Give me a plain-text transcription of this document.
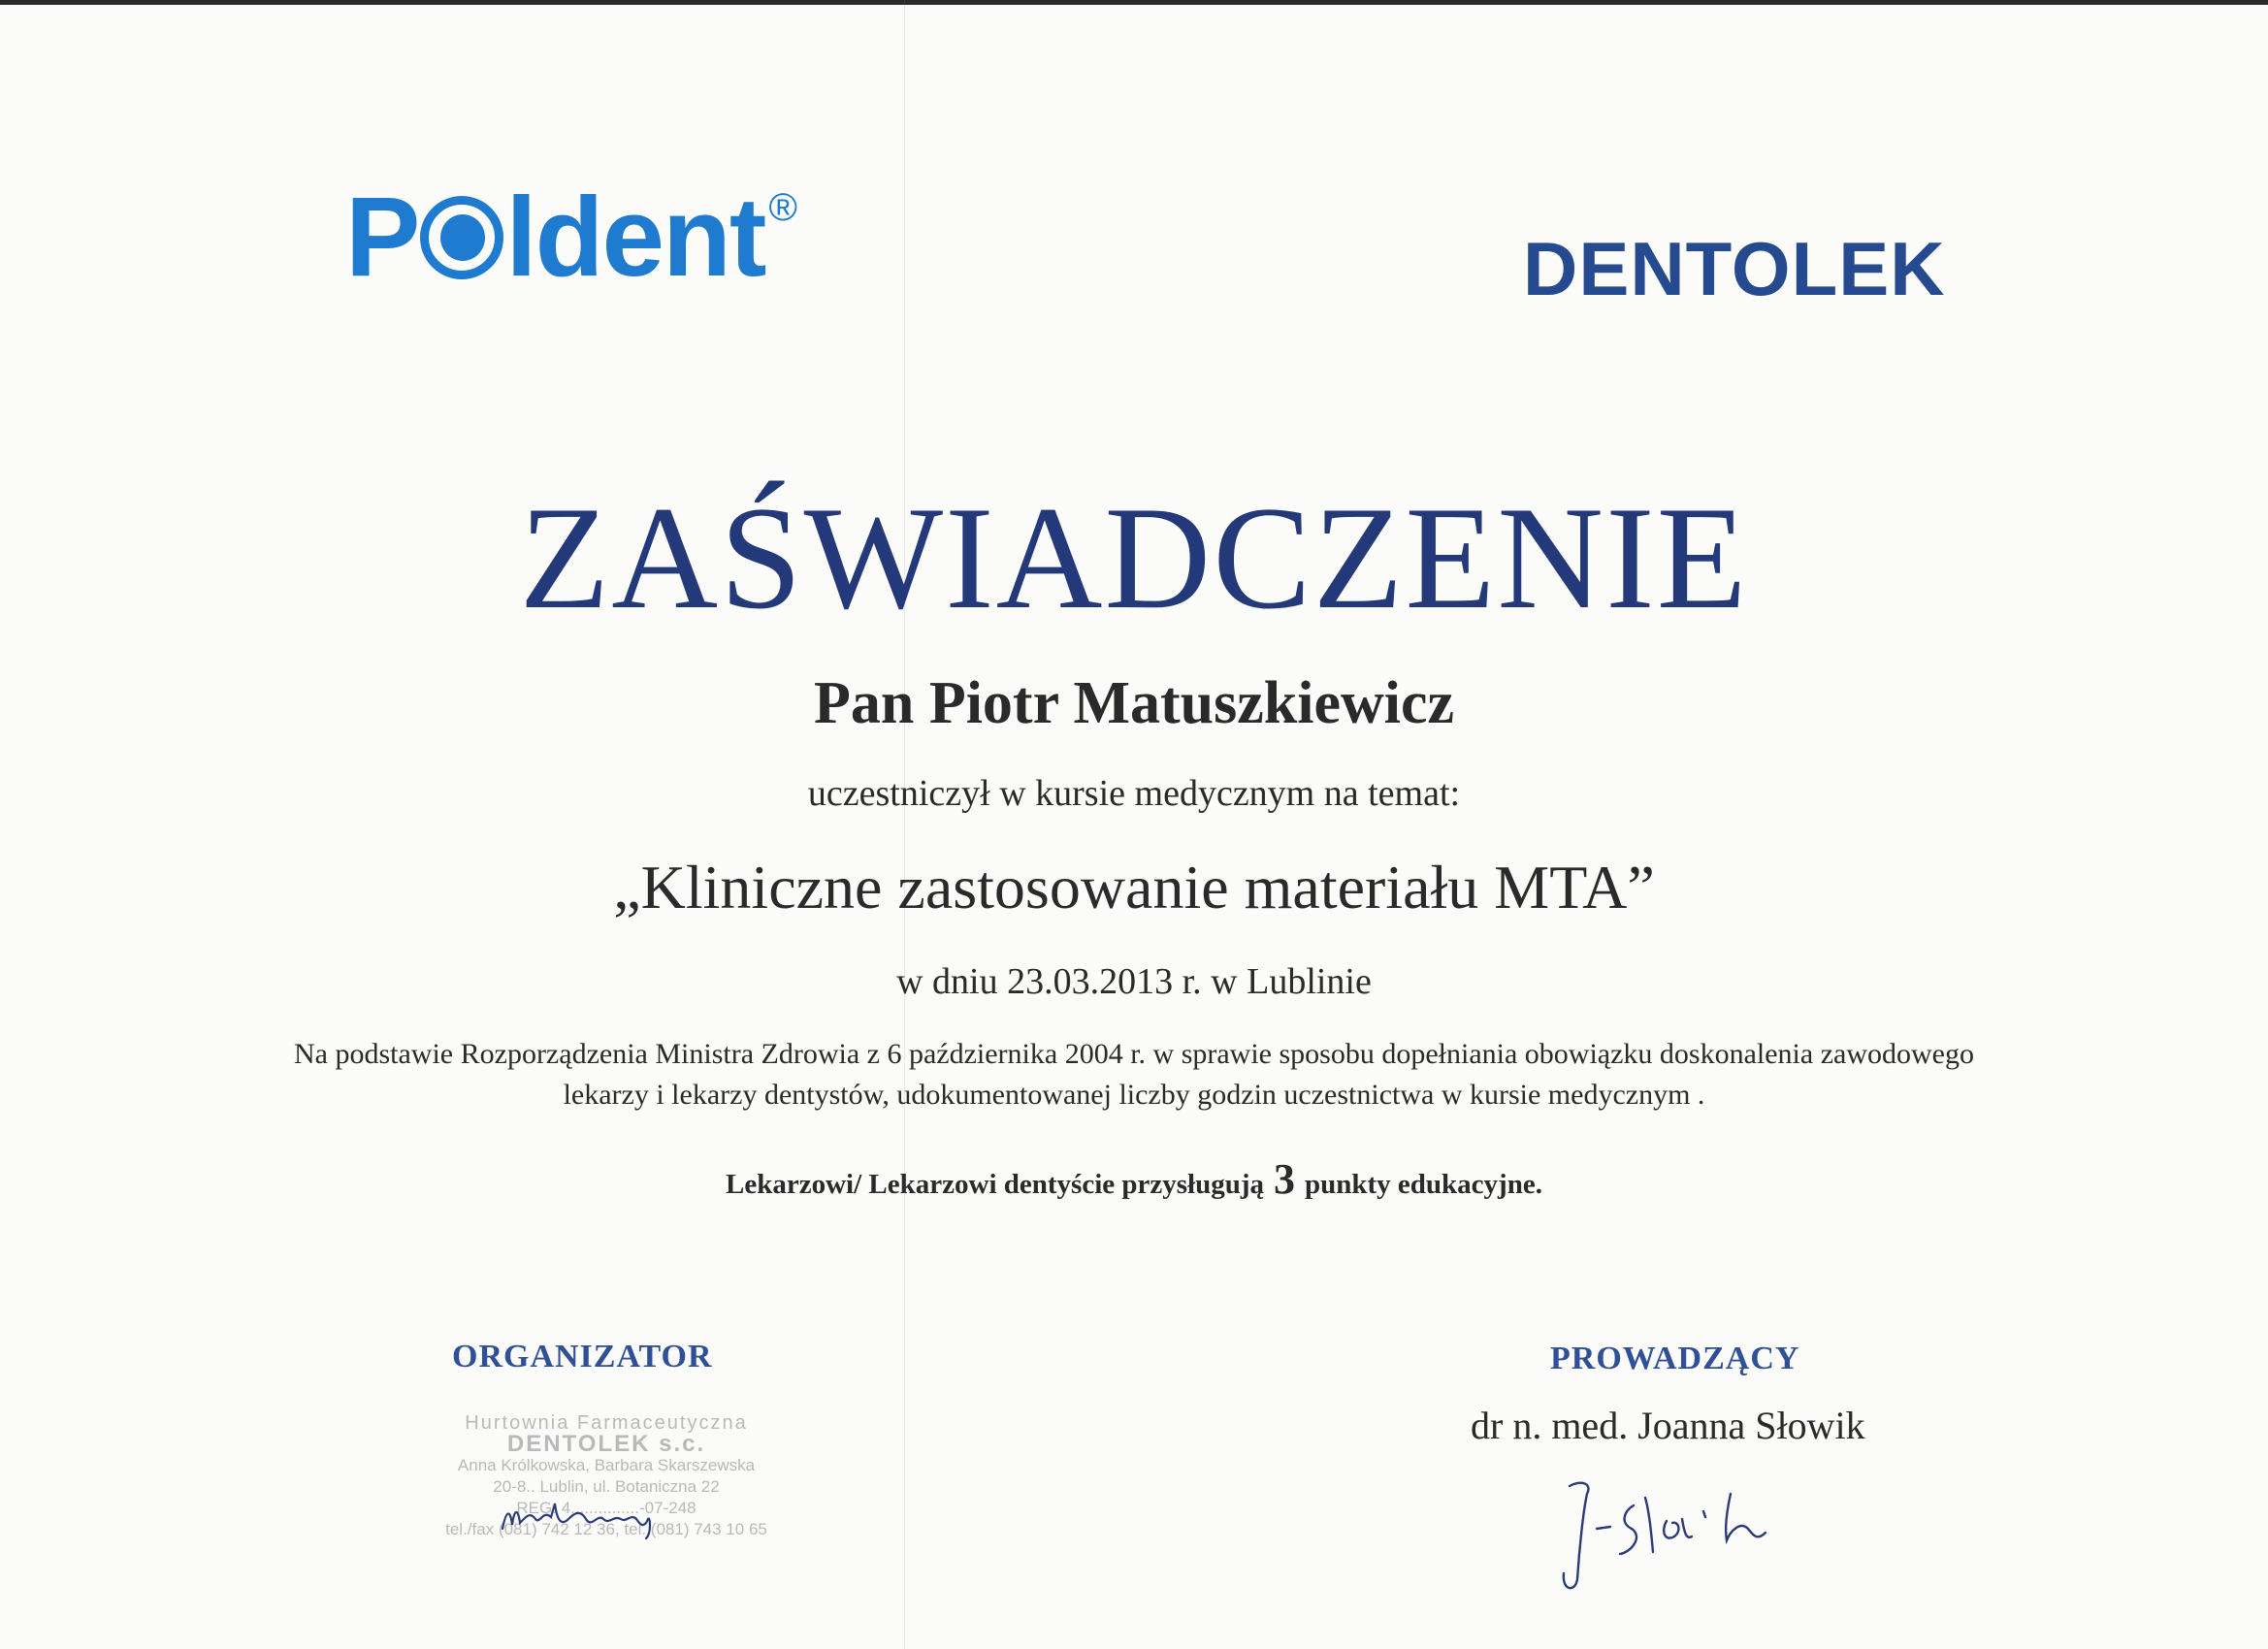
P ldent ®
DENTOLEK
ZAŚWIADCZENIE
Pan Piotr Matuszkiewicz
uczestniczył w kursie medycznym na temat:
„Kliniczne zastosowanie materiału MTA”
w dniu 23.03.2013 r. w Lublinie
Na podstawie Rozporządzenia Ministra Zdrowia z 6 października 2004 r. w sprawie sposobu dopełniania obowiązku doskonalenia zawodowego
lekarzy i lekarzy dentystów, udokumentowanej liczby godzin uczestnictwa w kursie medycznym .
Lekarzowi/ Lekarzowi dentyście przysługują 3 punkty edukacyjne.
ORGANIZATOR
Hurtownia Farmaceutyczna
DENTOLEK s.c.
Anna Królkowska, Barbara Skarszewska
20-8.. Lublin, ul. Botaniczna 22
REG. 4...............-07-248
tel./fax (081) 742 12 36, tel. (081) 743 10 65
PROWADZĄCY
dr n. med. Joanna Słowik
